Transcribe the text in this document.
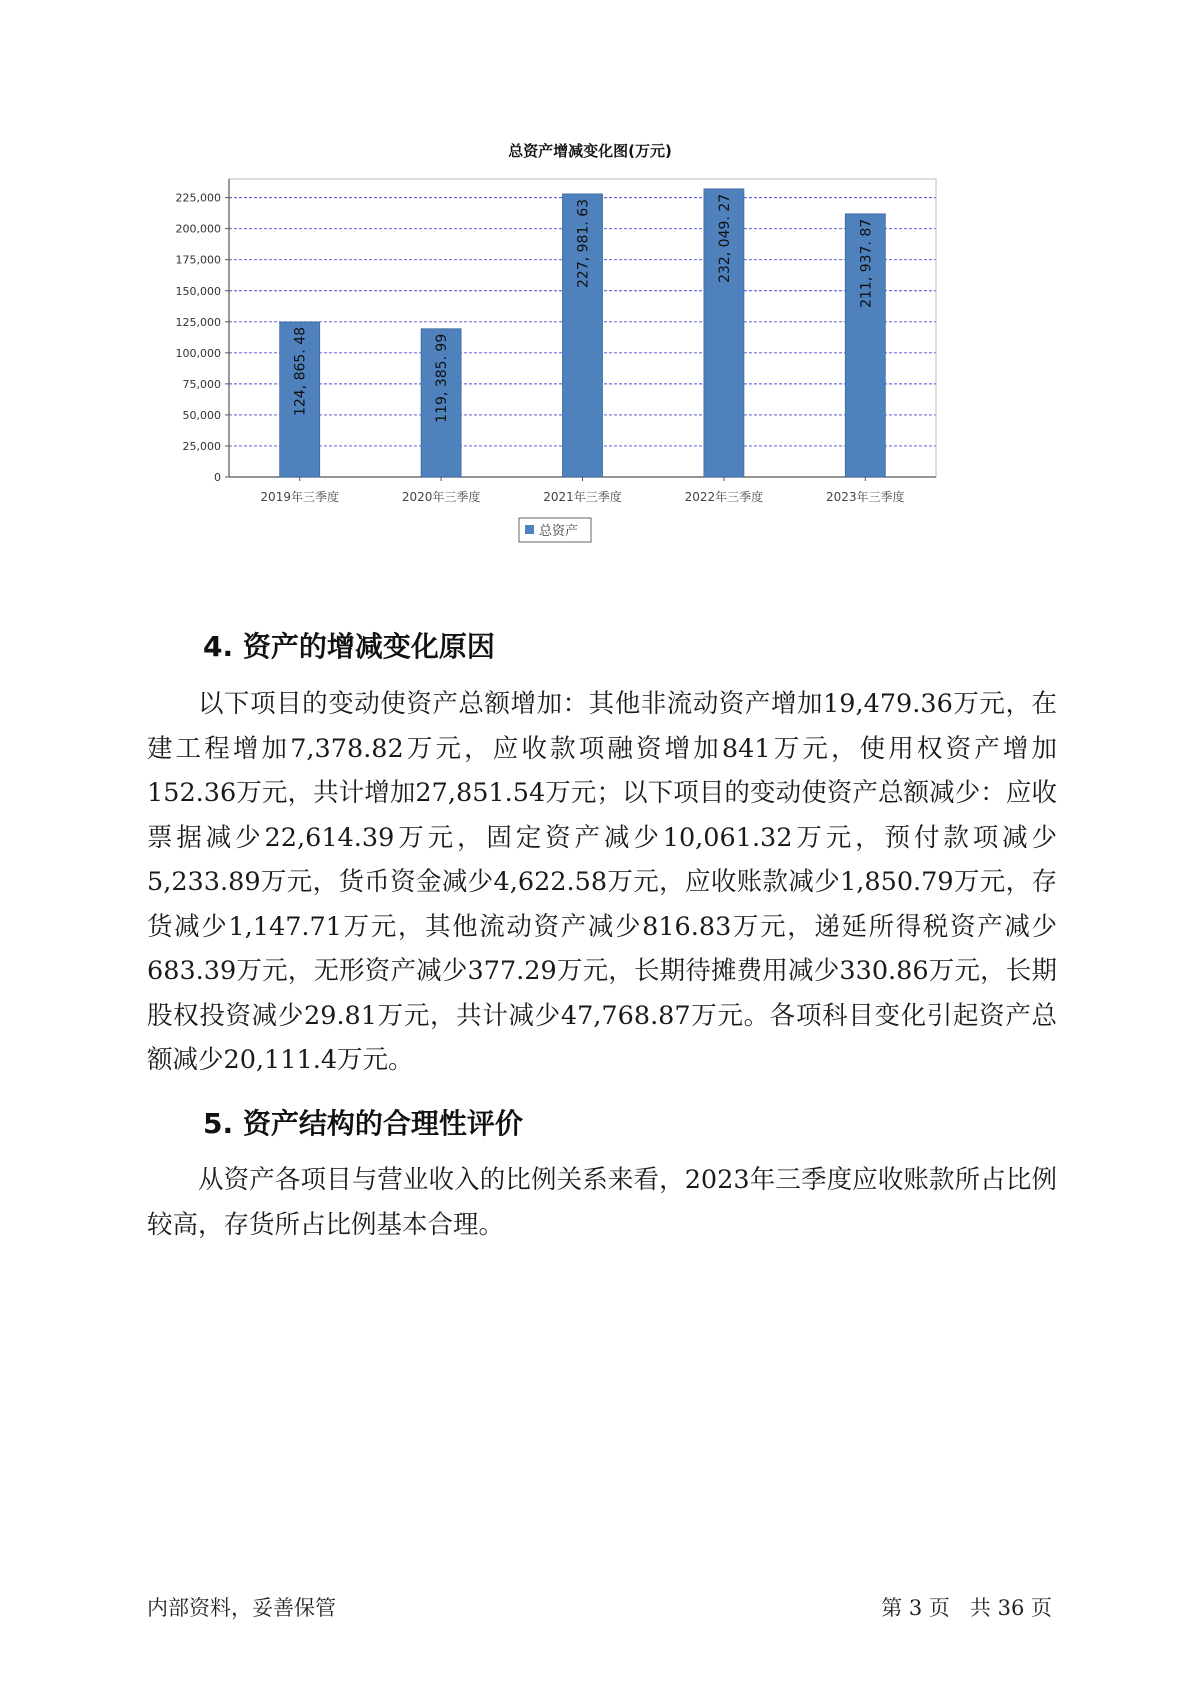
总资产增减变化图(万元)
0
25,000
50,000
75,000
100,000
125,000
150,000
175,000
200,000
225,000
124, 865. 48	119, 385. 99
227, 981. 63	232, 049. 27	211, 937. 87
2019年三季度	2020年三季度	2021年三季度	2022年三季度	2023年三季度
总资产
4. 资产的增减变化原因

以下项目的变动使资产总额增加：其他非流动资产增加19,479.36万元，在建工程增加7,378.82万元，应收款项融资增加841万元，使用权资产增加152.36万元，共计增加27,851.54万元；以下项目的变动使资产总额减少：应收票据减少22,614.39万元，固定资产减少10,061.32万元，预付款项减少5,233.89万元，货币资金减少4,622.58万元，应收账款减少1,850.79万元，存货减少1,147.71万元，其他流动资产减少816.83万元，递延所得税资产减少683.39万元，无形资产减少377.29万元，长期待摊费用减少330.86万元，长期股权投资减少29.81万元，共计减少47,768.87万元。各项科目变化引起资产总额减少20,111.4万元。

5. 资产结构的合理性评价

从资产各项目与营业收入的比例关系来看，2023年三季度应收账款所占比例较高，存货所占比例基本合理。

内部资料，妥善保管	第 3 页   共 36 页
